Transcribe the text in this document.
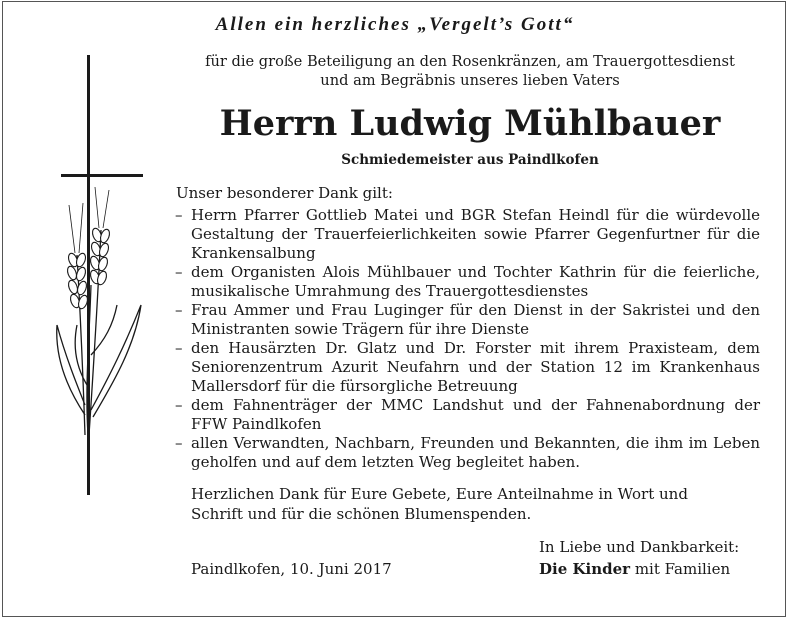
Allen ein herzliches „Vergelt’s Gott“
für die große Beteiligung an den Rosenkränzen, am Trauergottesdienst
und am Begräbnis unseres lieben Vaters
Herrn Ludwig Mühlbauer
Schmiedemeister aus Paindlkofen
Unser besonderer Dank gilt:
– Herrn Pfarrer Gottlieb Matei und BGR Stefan Heindl für die würdevolle Gestaltung der Trauerfeierlichkeiten sowie Pfarrer Gegenfurtner für die Krankensalbung
– dem Organisten Alois Mühlbauer und Tochter Kathrin für die feierliche, musikalische Umrahmung des Trauergottesdienstes
– Frau Ammer und Frau Luginger für den Dienst in der Sakristei und den Ministranten sowie Trägern für ihre Dienste
– den Hausärzten Dr. Glatz und Dr. Forster mit ihrem Praxisteam, dem Seniorenzentrum Azurit Neufahrn und der Station 12 im Krankenhaus Mallersdorf für die fürsorgliche Betreuung
– dem Fahnenträger der MMC Landshut und der Fahnenabordnung der FFW Paindlkofen
– allen Verwandten, Nachbarn, Freunden und Bekannten, die ihm im Leben geholfen und auf dem letzten Weg begleitet haben.
Herzlichen Dank für Eure Gebete, Eure Anteilnahme in Wort und
Schrift und für die schönen Blumenspenden.
In Liebe und Dankbarkeit:
Paindlkofen, 10. Juni 2017	Die Kinder mit Familien
